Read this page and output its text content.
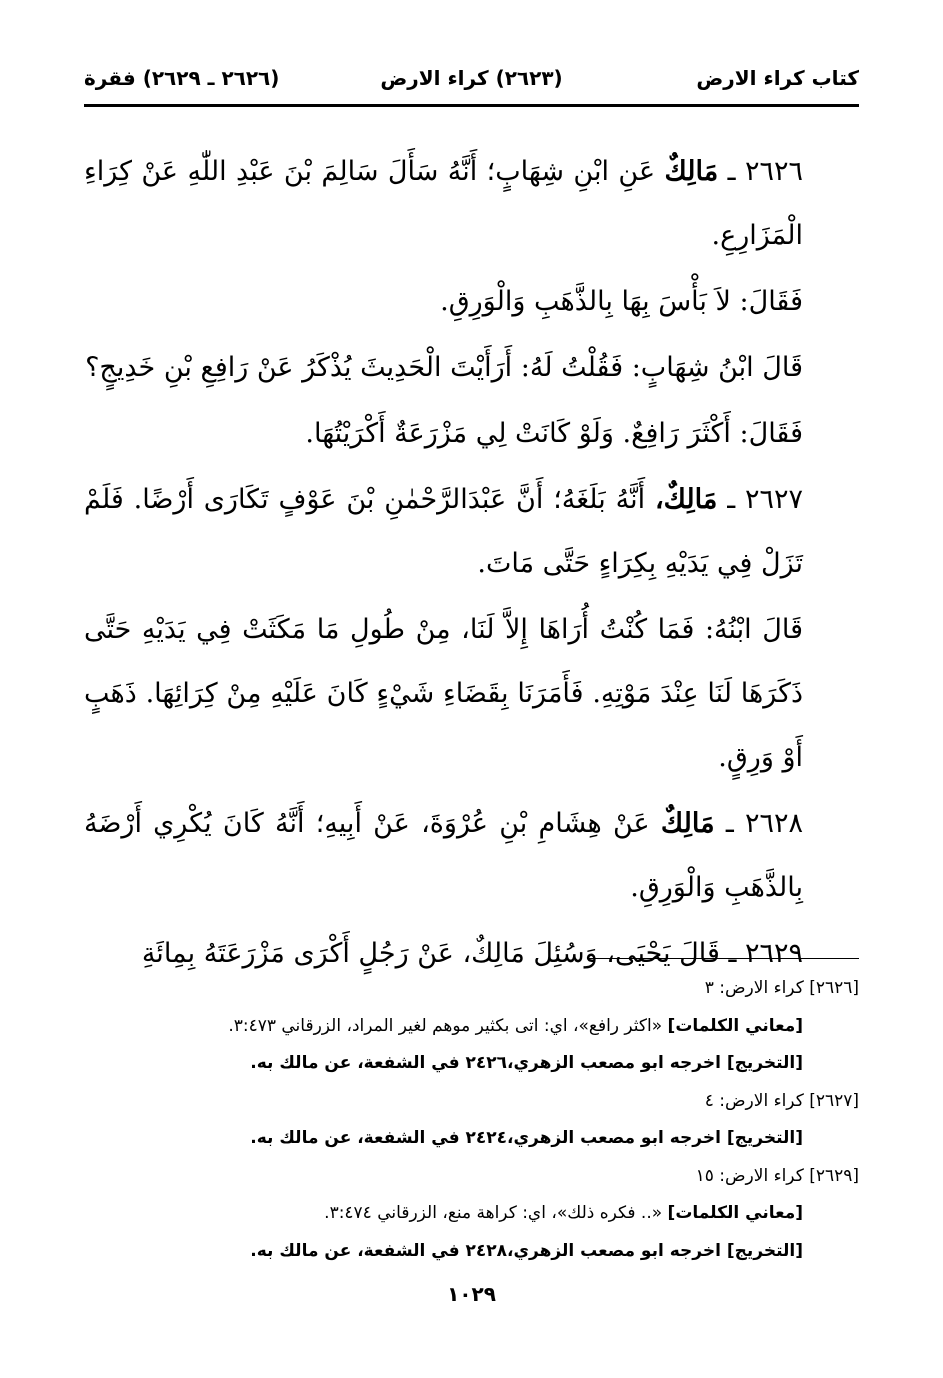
كتاب كراء الارض
(٢٦٢٣) كراء الارض
(٢٦٢٦ ـ ٢٦٢٩) فقرة

٢٦٢٦ ـ مَالِكٌ عَنِ ابْنِ شِهَابٍ؛ أَنَّهُ سَأَلَ سَالِمَ بْنَ عَبْدِ اللّٰهِ عَنْ كِرَاءِ الْمَزَارِعِ.

فَقَالَ: لاَ بَأْسَ بِهَا بِالذَّهَبِ وَالْوَرِقِ.

قَالَ ابْنُ شِهَابٍ: فَقُلْتُ لَهُ: أَرَأَيْتَ الْحَدِيثَ يُذْكَرُ عَنْ رَافِعِ بْنِ خَدِيجٍ؟

فَقَالَ: أَكْثَرَ رَافِعٌ. وَلَوْ كَانَتْ لِي مَزْرَعَةٌ أَكْرَيْتُهَا.

٢٦٢٧ ـ مَالِكٌ، أَنَّهُ بَلَغَهُ؛ أَنَّ عَبْدَالرَّحْمٰنِ بْنَ عَوْفٍ تَكَارَى أَرْضًا. فَلَمْ تَزَلْ فِي يَدَيْهِ بِكِرَاءٍ حَتَّى مَاتَ.

قَالَ ابْنُهُ: فَمَا كُنْتُ أُرَاهَا إِلاَّ لَنَا، مِنْ طُولِ مَا مَكَثَتْ فِي يَدَيْهِ حَتَّى ذَكَرَهَا لَنَا عِنْدَ مَوْتِهِ. فَأَمَرَنَا بِقَضَاءِ شَيْءٍ كَانَ عَلَيْهِ مِنْ كِرَائِهَا. ذَهَبٍ أَوْ وَرِقٍ.

٢٦٢٨ ـ مَالِكٌ عَنْ هِشَامِ بْنِ عُرْوَةَ، عَنْ أَبِيهِ؛ أَنَّهُ كَانَ يُكْرِي أَرْضَهُ بِالذَّهَبِ وَالْوَرِقِ.

٢٦٢٩ ـ قَالَ يَحْيَى، وَسُئِلَ مَالِكٌ، عَنْ رَجُلٍ أَكْرَى مَزْرَعَتَهُ بِمِائَةِ

[٢٦٢٦] كراء الارض: ٣
[معاني الكلمات] «اكثر رافع»، اي: اتى بكثير موهم لغير المراد، الزرقاني ٣:٤٧٣.
[التخريج] اخرجه ابو مصعب الزهري،٢٤٢٦ في الشفعة، عن مالك به.
[٢٦٢٧] كراء الارض: ٤
[التخريج] اخرجه ابو مصعب الزهري،٢٤٢٤ في الشفعة، عن مالك به.
[٢٦٢٩] كراء الارض: ١٥
[معاني الكلمات] «.. فكره ذلك»، اي: كراهة منع، الزرقاني ٣:٤٧٤.
[التخريج] اخرجه ابو مصعب الزهري،٢٤٢٨ في الشفعة، عن مالك به.
١٠٢٩
